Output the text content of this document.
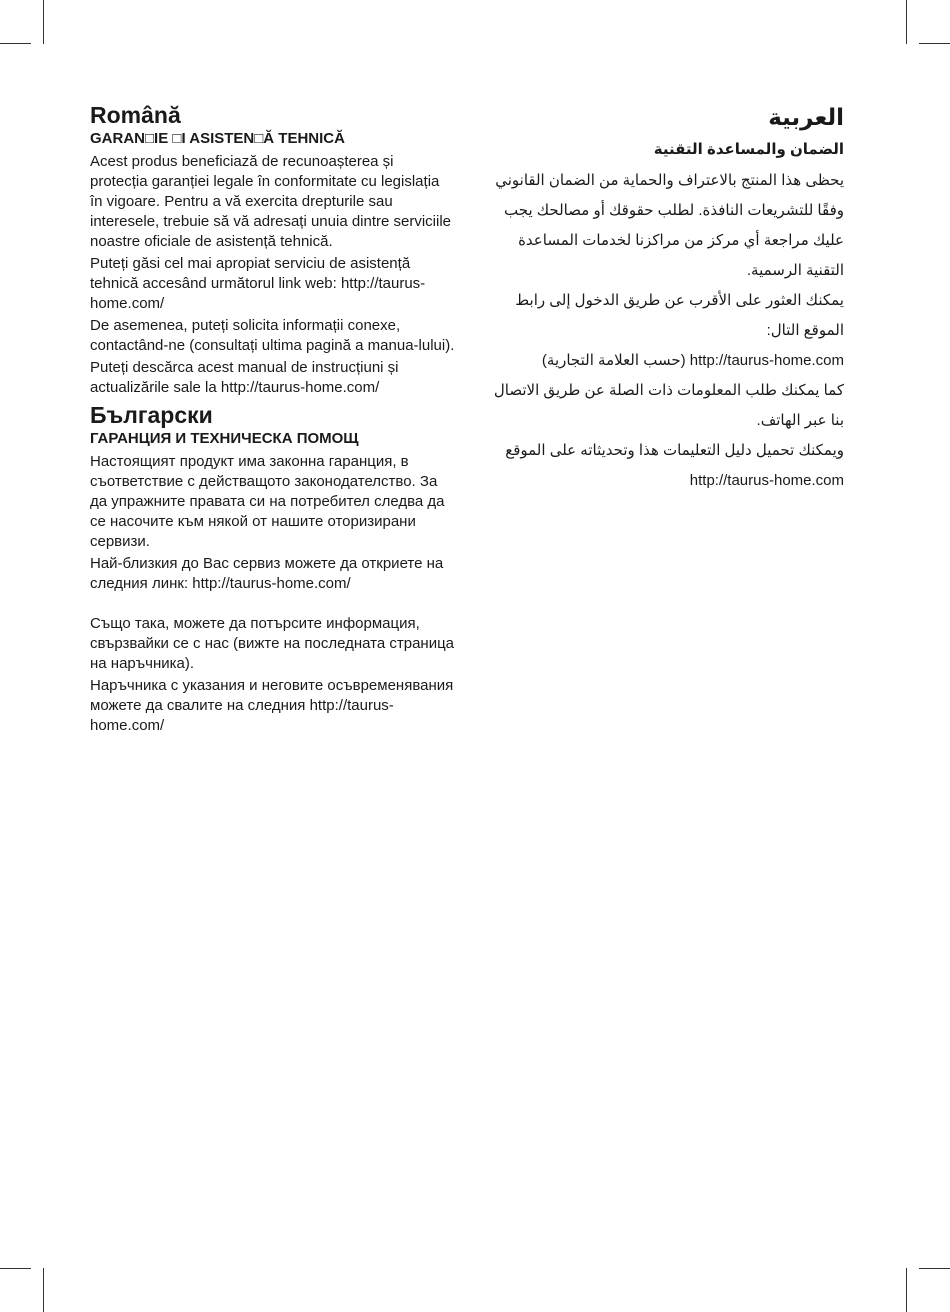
Română
GARAN□IE □I ASISTEN□Ă TEHNICĂ

Acest produs beneficiază de recunoașterea și protecția garanției legale în conformitate cu legislația în vigoare. Pentru a vă exercita drepturile sau interesele, trebuie să vă adresați unuia dintre serviciile noastre oficiale de asistență tehnică.

Puteți găsi cel mai apropiat serviciu de asistență tehnică accesând următorul link web: http://taurus-home.com/

De asemenea, puteți solicita informații conexe, contactând-ne (consultați ultima pagină a manua-lului).

Puteți descărca acest manual de instrucțiuni și actualizările sale la http://taurus-home.com/

Български
ГАРАНЦИЯ И ТЕХНИЧЕСКА ПОМОЩ

Настоящият продукт има законна гаранция, в съответствие с действащото законодателство. За да упражните правата си на потребител следва да се насочите към някой от нашите оторизирани сервизи.

Най-близкия до Вас сервиз можете да откриете на следния линк: http://taurus-home.com/

Също така, можете да потърсите информация, свързвайки се с нас (вижте на последната страница на наръчника).

Наръчника с указания и неговите осъвременявания можете да свалите на следния http://taurus-home.com/

العربية
الضمان والمساعدة التقنية

يحظى هذا المنتج بالاعتراف والحماية من الضمان القانوني وفقًا للتشريعات النافذة. لطلب حقوقك أو مصالحك يجب عليك مراجعة أي مركز من مراكزنا لخدمات المساعدة التقنية الرسمية.

يمكنك العثور على الأقرب عن طريق الدخول إلى رابط الموقع التال:

http://taurus-home.com (حسب العلامة التجارية)

كما يمكنك طلب المعلومات ذات الصلة عن طريق الاتصال بنا عبر الهاتف.

ويمكنك تحميل دليل التعليمات هذا وتحديثاته على الموقع http://taurus-home.com
